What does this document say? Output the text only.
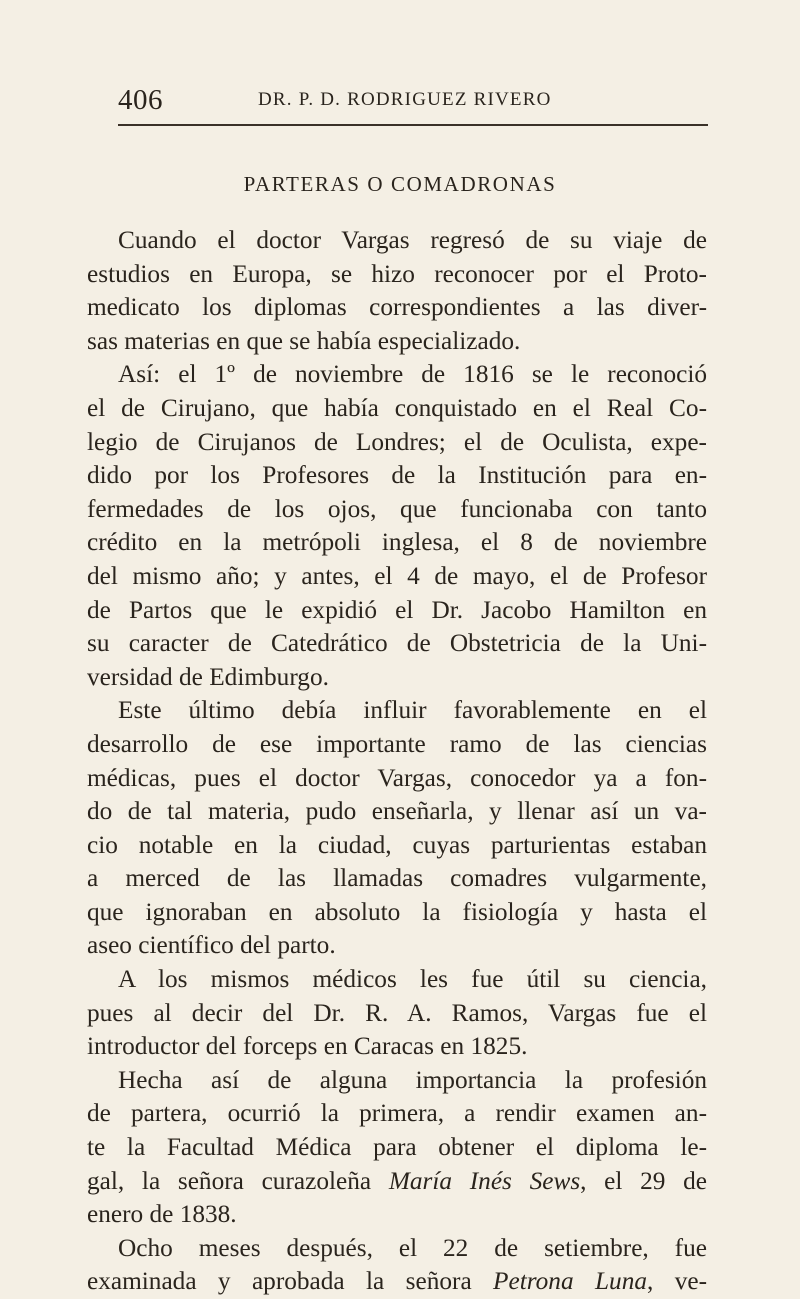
406	DR. P. D. RODRIGUEZ RIVERO
PARTERAS O COMADRONAS
Cuando el doctor Vargas regresó de su viaje de
estudios en Europa, se hizo reconocer por el Proto-
medicato los diplomas correspondientes a las diver-
sas materias en que se había especializado.
Así: el 1º de noviembre de 1816 se le reconoció
el de Cirujano, que había conquistado en el Real Co-
legio de Cirujanos de Londres; el de Oculista, expe-
dido por los Profesores de la Institución para en-
fermedades de los ojos, que funcionaba con tanto
crédito en la metrópoli inglesa, el 8 de noviembre
del mismo año; y antes, el 4 de mayo, el de Profesor
de Partos que le expidió el Dr. Jacobo Hamilton en
su caracter de Catedrático de Obstetricia de la Uni-
versidad de Edimburgo.
Este último debía influir favorablemente en el
desarrollo de ese importante ramo de las ciencias
médicas, pues el doctor Vargas, conocedor ya a fon-
do de tal materia, pudo enseñarla, y llenar así un va-
cio notable en la ciudad, cuyas parturientas estaban
a merced de las llamadas comadres vulgarmente,
que ignoraban en absoluto la fisiología y hasta el
aseo científico del parto.
A los mismos médicos les fue útil su ciencia,
pues al decir del Dr. R. A. Ramos, Vargas fue el
introductor del forceps en Caracas en 1825.
Hecha así de alguna importancia la profesión
de partera, ocurrió la primera, a rendir examen an-
te la Facultad Médica para obtener el diploma le-
gal, la señora curazoleña María Inés Sews, el 29 de
enero de 1838.
Ocho meses después, el 22 de setiembre, fue
examinada y aprobada la señora Petrona Luna, ve-
